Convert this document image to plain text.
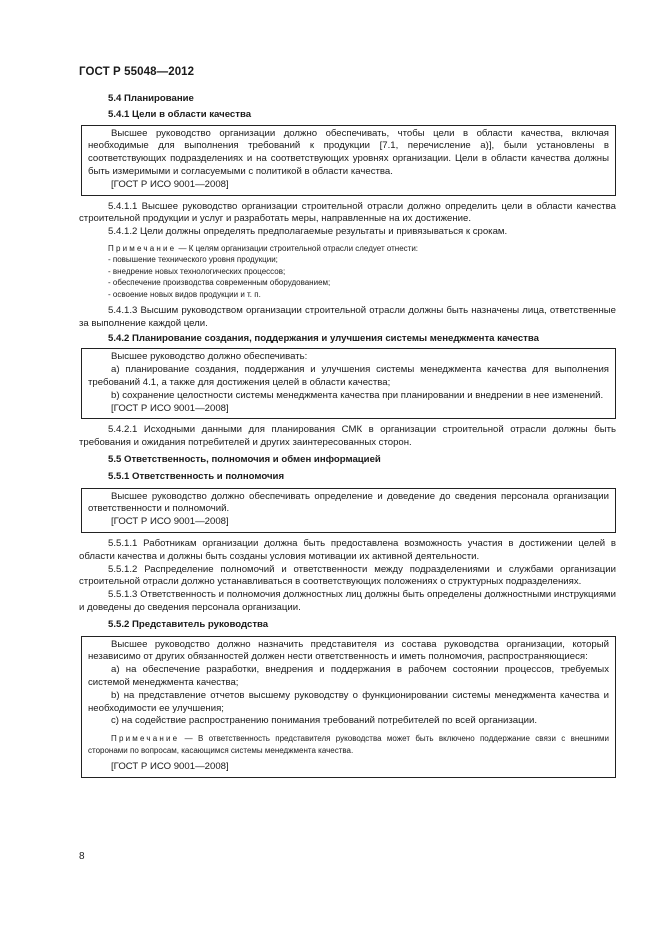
ГОСТ Р 55048—2012
5.4 Планирование
5.4.1 Цели в области качества

Высшее руководство организации должно обеспечивать, чтобы цели в области качества, включая необходимые для выполнения требований к продукции [7.1, перечисление а)], были установлены в соответствующих подразделениях и на соответствующих уровнях организации. Цели в области качества должны быть измеримыми и согласуемыми с политикой в области качества.

[ГОСТ Р ИСО 9001—2008]

5.4.1.1 Высшее руководство организации строительной отрасли должно определить цели в области качества строительной продукции и услуг и разработать меры, направленные на их достижение.

5.4.1.2 Цели должны определять предполагаемые результаты и привязываться к срокам.

Примечание — К целям организации строительной отрасли следует отнести:

- повышение технического уровня продукции;

- внедрение новых технологических процессов;

- обеспечение производства современным оборудованием;

- освоение новых видов продукции и т. п.

5.4.1.3 Высшим руководством организации строительной отрасли должны быть назначены лица, ответственные за выполнение каждой цели.

5.4.2 Планирование создания, поддержания и улучшения системы менеджмента качества

Высшее руководство должно обеспечивать:

а) планирование создания, поддержания и улучшения системы менеджмента качества для выполнения требований 4.1, а также для достижения целей в области качества;

b) сохранение целостности системы менеджмента качества при планировании и внедрении в нее изменений.

[ГОСТ Р ИСО 9001—2008]

5.4.2.1 Исходными данными для планирования СМК в организации строительной отрасли должны быть требования и ожидания потребителей и других заинтересованных сторон.

5.5 Ответственность, полномочия и обмен информацией
5.5.1 Ответственность и полномочия

Высшее руководство должно обеспечивать определение и доведение до сведения персонала организации ответственности и полномочий.

[ГОСТ Р ИСО 9001—2008]

5.5.1.1 Работникам организации должна быть предоставлена возможность участия в достижении целей в области качества и должны быть созданы условия мотивации их активной деятельности.

5.5.1.2 Распределение полномочий и ответственности между подразделениями и службами организации строительной отрасли должно устанавливаться в соответствующих положениях о структурных подразделениях.

5.5.1.3 Ответственность и полномочия должностных лиц должны быть определены должностными инструкциями и доведены до сведения персонала организации.

5.5.2 Представитель руководства

Высшее руководство должно назначить представителя из состава руководства организации, который независимо от других обязанностей должен нести ответственность и иметь полномочия, распространяющиеся:

а) на обеспечение разработки, внедрения и поддержания в рабочем состоянии процессов, требуемых системой менеджмента качества;

b) на представление отчетов высшему руководству о функционировании системы менеджмента качества и необходимости ее улучшения;

с) на содействие распространению понимания требований потребителей по всей организации.

Примечание — В ответственность представителя руководства может быть включено поддержание связи с внешними сторонами по вопросам, касающимся системы менеджмента качества.

[ГОСТ Р ИСО 9001—2008]

8
